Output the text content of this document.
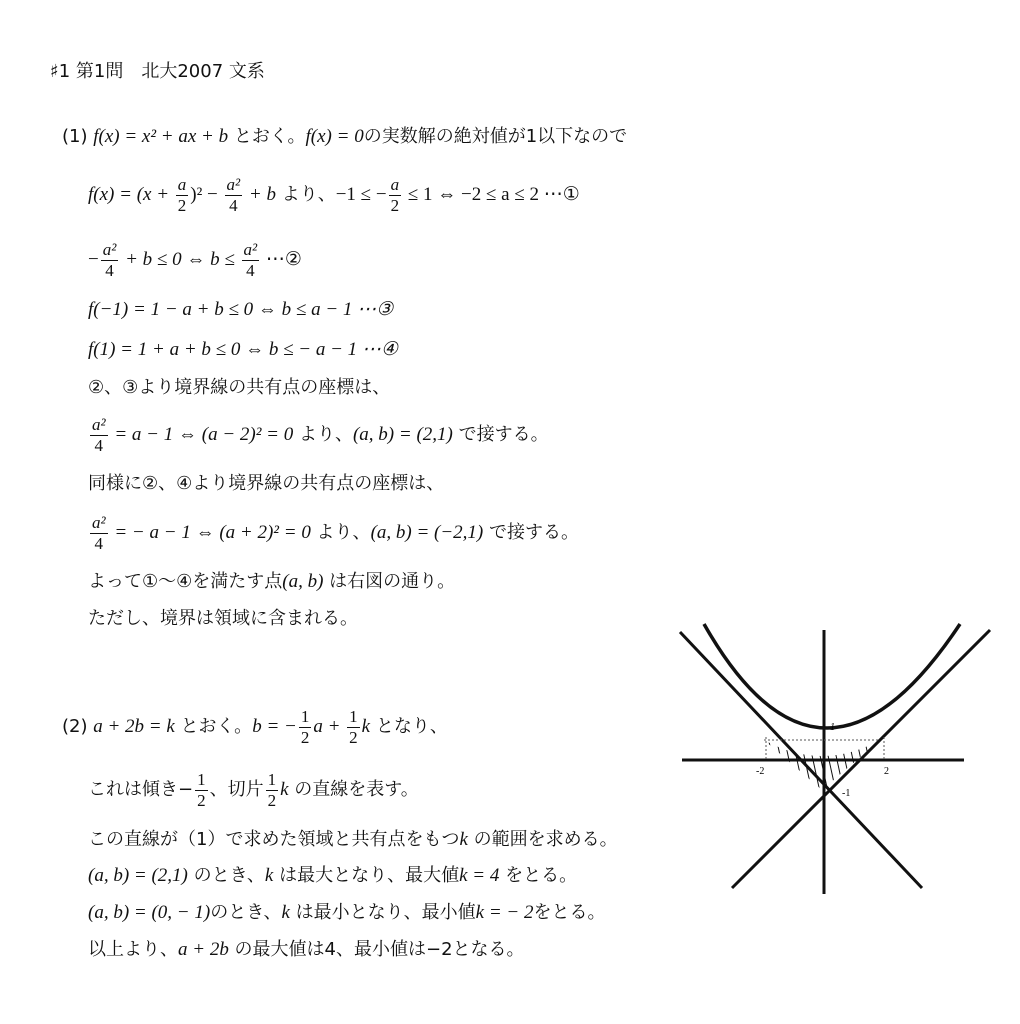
♯1 第1問　北大2007 文系
(1) f(x) = x² + ax + b とおく。f(x) = 0の実数解の絶対値が1以下なので
$f(x) = (x + \frac{a}{2} )^2 - \frac{\text{a²}}{4} + b$ より、−1 ≤ − $\frac{a}{2} \le 1$ ⇔ −2 ≤ a ≤ 2 ⋯①
− $\frac{\text{a²}}{4} + b \le 0$ ⇔ $b \le \frac{\text{a²}}{4}$ ⋯②
f(−1) = 1 − a + b ≤ 0 ⇔ b ≤ a − 1 ⋯③
f(1) = 1 + a + b ≤ 0 ⇔ b ≤ − a − 1 ⋯④
②、③より境界線の共有点の座標は、
$\frac{\text{a²}}{4} = a - 1$ ⇔ (a − 2)² = 0 より、(a, b) = (2,1) で接する。
同様に②、④より境界線の共有点の座標は、
$\frac{\text{a²}}{4}$ = − a − 1 ⇔ (a + 2)² = 0 より、(a, b) = (−2,1) で接する。
よって①〜④を満たす点(a, b) は右図の通り。
ただし、境界は領域に含まれる。
(2) a + 2b = k とおく。b = − $\frac{1}{2}$ $a + \frac{1}{2}$ k となり、
これは傾き− $\frac{1}{2}$ 、切片 $\frac{1}{2}$ k の直線を表す。
この直線が（1）で求めた領域と共有点をもつk の範囲を求める。
(a, b) = (2,1) のとき、k は最大となり、最大値k = 4 をとる。
(a, b) = (0, − 1)のとき、k は最小となり、最小値k = − 2をとる。
以上より、a + 2b の最大値は4、最小値は−2となる。
1
-2	2
-1
